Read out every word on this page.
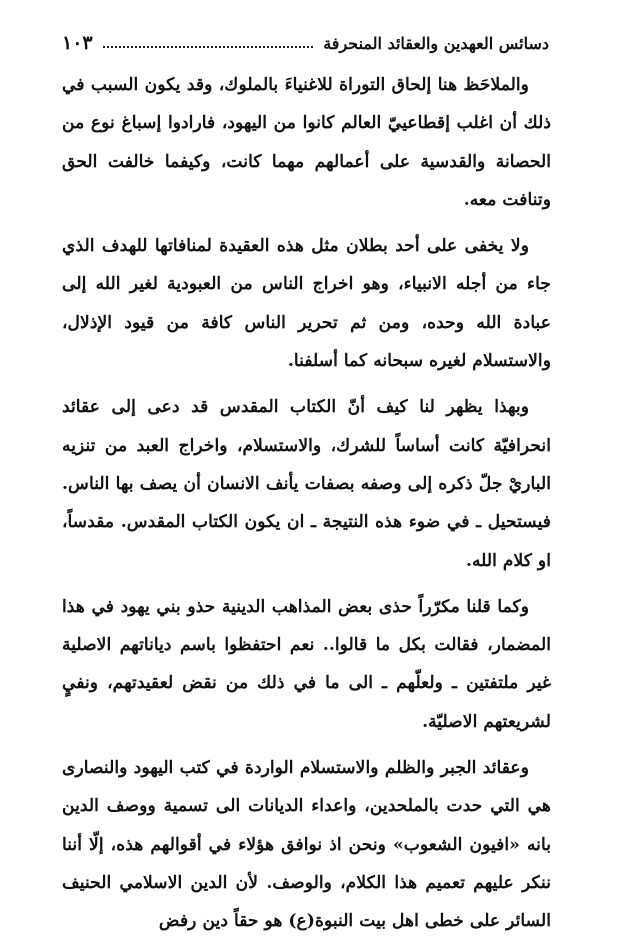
دسائس العهدين والعقائد المنحرفة
١٠٣

والملاحَظ هنا إلحاق التوراة للاغنياءَ بالملوك، وقد يكون السبب في ذلك أن اغلب إقطاعييّ العالم كانوا من اليهود، فارادوا إسباغ نوع من الحصانة والقدسية على أعمالهم مهما كانت، وكيفما خالفت الحق وتنافت معه.

ولا يخفى على أحد بطلان مثل هذه العقيدة لمنافاتها للهدف الذي جاء من أجله الانبياء، وهو اخراج الناس من العبودية لغير الله إلى عبادة الله وحده، ومن ثم تحرير الناس كافة من قيود الإذلال، والاستسلام لغيره سبحانه كما أسلفنا.

وبهذا يظهر لنا كيف أنّ الكتاب المقدس قد دعى إلى عقائد انحرافيّة كانت أساساً للشرك، والاستسلام، واخراج العبد من تنزيه الباريْ جلّ ذكره إلى وصفه بصفات يأنف الانسان أن يصف بها الناس. فيستحيل ـ في ضوء هذه النتيجة ـ ان يكون الكتاب المقدس. مقدساً، او كلام الله.

وكما قلنا مكرّراً حذى بعض المذاهب الدينية حذو بني يهود في هذا المضمار، فقالت بكل ما قالوا.. نعم احتفظوا باسم دياناتهم الاصلية غير ملتفتين ـ ولعلّهم ـ الى ما في ذلك من نقض لعقيدتهم، ونفيٍ لشريعتهم الاصليّة.

وعقائد الجبر والظلم والاستسلام الواردة في كتب اليهود والنصارى هي التي حدت بالملحدين، واعداء الديانات الى تسمية ووصف الدين بانه «افيون الشعوب» ونحن اذ نوافق هؤلاء في أقوالهم هذه، إلّا أننا ننكر عليهم تعميم هذا الكلام، والوصف. لأن الدين الاسلامي الحنيف السائر على خطى اهل بيت النبوة(ع) هو حقاً دين رفض
